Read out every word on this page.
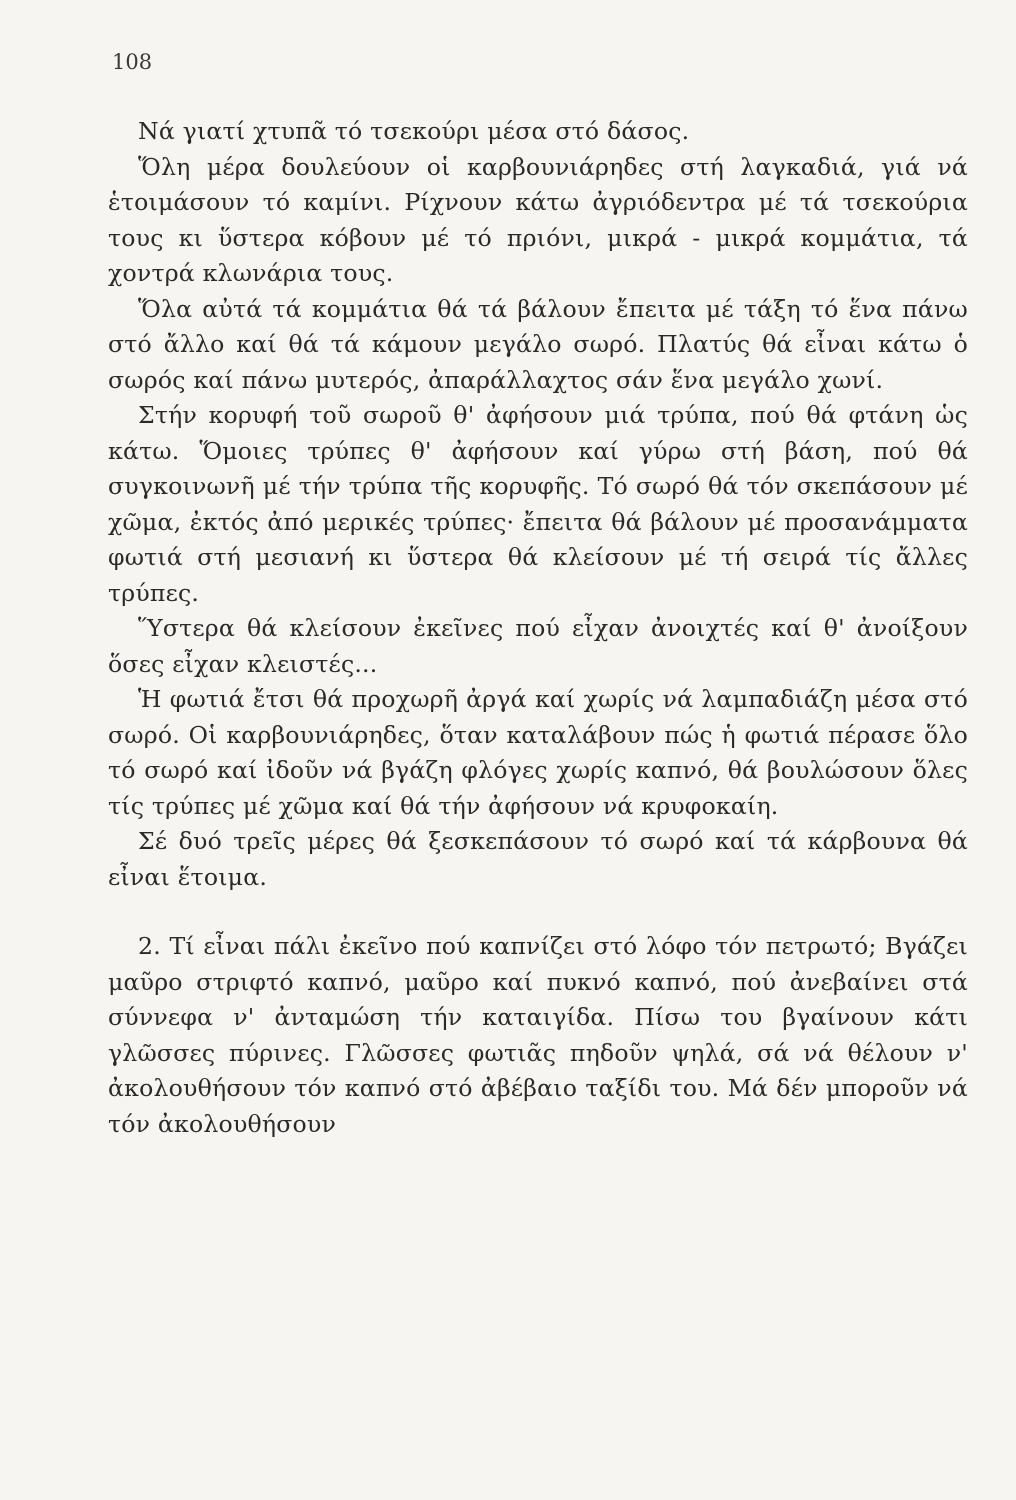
108

Νά γιατί χτυπᾶ τό τσεκούρι μέσα στό δάσος.

Ὅλη μέρα δουλεύουν οἱ καρβουνιάρηδες στή λαγκαδιά, γιά νά ἑτοιμάσουν τό καμίνι. Ρίχνουν κάτω ἀγριόδεντρα μέ τά τσεκούρια τους κι ὕστερα κόβουν μέ τό πριόνι, μικρά - μικρά κομμάτια, τά χοντρά κλωνάρια τους.

Ὅλα αὐτά τά κομμάτια θά τά βάλουν ἔπειτα μέ τάξη τό ἕνα πάνω στό ἄλλο καί θά τά κάμουν μεγάλο σωρό. Πλατύς θά εἶναι κάτω ὁ σωρός καί πάνω μυτερός, ἀπαράλλαχτος σάν ἕνα μεγάλο χωνί.

Στήν κορυφή τοῦ σωροῦ θ' ἀφήσουν μιά τρύπα, πού θά φτάνη ὡς κάτω. Ὅμοιες τρύπες θ' ἀφήσουν καί γύρω στή βάση, πού θά συγκοινωνῆ μέ τήν τρύπα τῆς κορυφῆς. Τό σωρό θά τόν σκεπάσουν μέ χῶμα, ἐκτός ἀπό μερικές τρύπες· ἔπειτα θά βάλουν μέ προσανάμματα φωτιά στή μεσιανή κι ὕστερα θά κλείσουν μέ τή σειρά τίς ἄλλες τρύπες.

Ὕστερα θά κλείσουν ἐκεῖνες πού εἶχαν ἀνοιχτές καί θ' ἀνοίξουν ὅσες εἶχαν κλειστές...

Ἡ φωτιά ἔτσι θά προχωρῆ ἀργά καί χωρίς νά λαμπαδιάζη μέσα στό σωρό. Οἱ καρβουνιάρηδες, ὅταν καταλάβουν πώς ἡ φωτιά πέρασε ὅλο τό σωρό καί ἰδοῦν νά βγάζη φλόγες χωρίς καπνό, θά βουλώσουν ὅλες τίς τρύπες μέ χῶμα καί θά τήν ἀφήσουν νά κρυφοκαίη.

Σέ δυό τρεῖς μέρες θά ξεσκεπάσουν τό σωρό καί τά κάρβουνα θά εἶναι ἕτοιμα.

2. Τί εἶναι πάλι ἐκεῖνο πού καπνίζει στό λόφο τόν πετρωτό; Βγάζει μαῦρο στριφτό καπνό, μαῦρο καί πυκνό καπνό, πού ἀνεβαίνει στά σύννεφα ν' ἀνταμώση τήν καταιγίδα. Πίσω του βγαίνουν κάτι γλῶσσες πύρινες. Γλῶσσες φωτιᾶς πηδοῦν ψηλά, σά νά θέλουν ν' ἀκολουθήσουν τόν καπνό στό ἀβέβαιο ταξίδι του. Μά δέν μποροῦν νά τόν ἀκολουθήσουν
